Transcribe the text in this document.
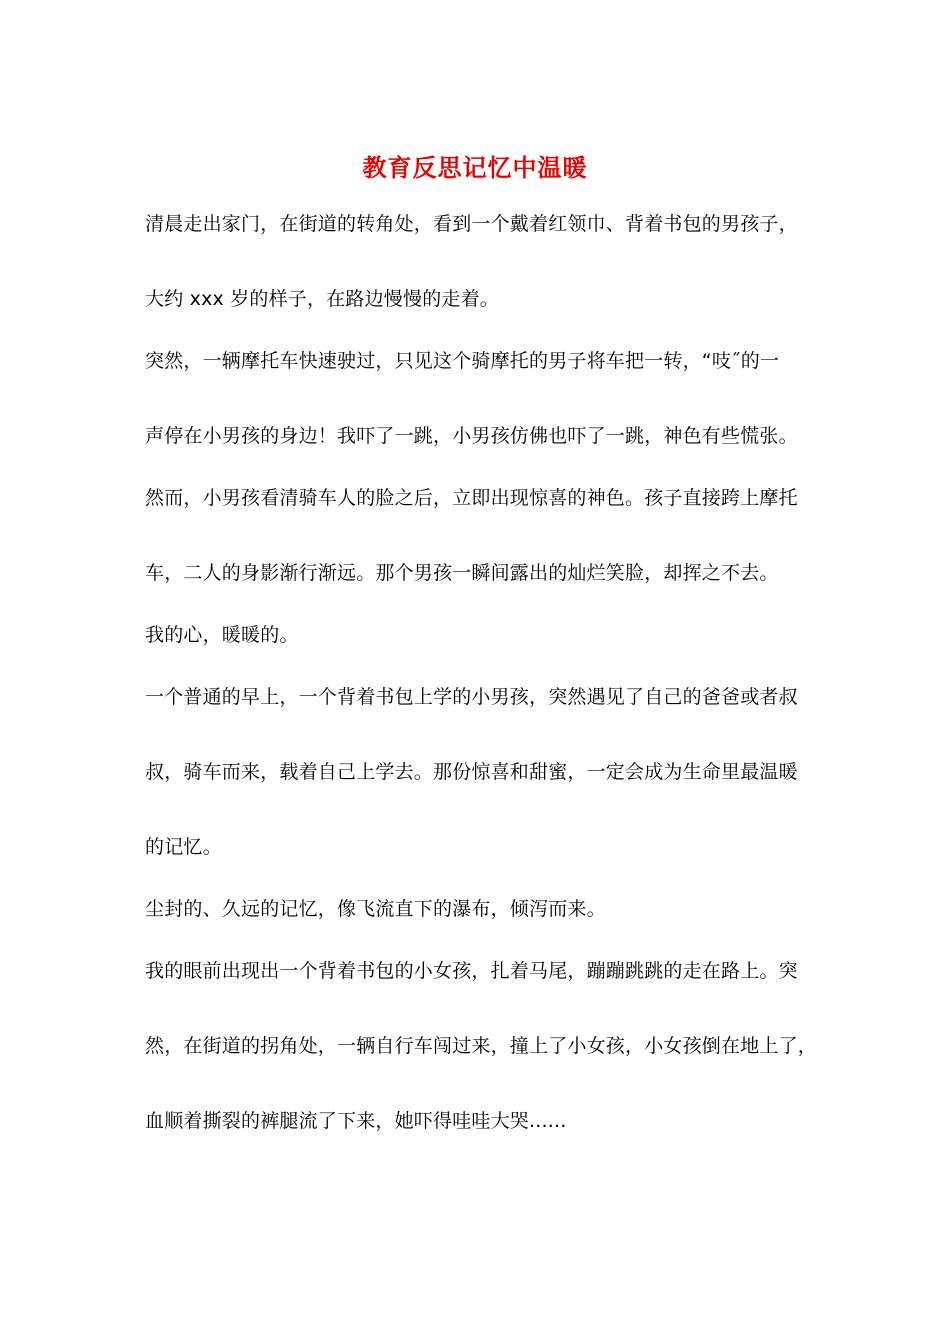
教育反思记忆中温暖
清晨走出家门，在街道的转角处，看到一个戴着红领巾、背着书包的男孩子，
大约 xxx 岁的样子，在路边慢慢的走着。
突然，一辆摩托车快速驶过，只见这个骑摩托的男子将车把一转，“吱˝的一
声停在小男孩的身边！我吓了一跳，小男孩仿佛也吓了一跳，神色有些慌张。
然而，小男孩看清骑车人的脸之后，立即出现惊喜的神色。孩子直接跨上摩托
车，二人的身影渐行渐远。那个男孩一瞬间露出的灿烂笑脸，却挥之不去。
我的心，暖暖的。
一个普通的早上，一个背着书包上学的小男孩，突然遇见了自己的爸爸或者叔
叔，骑车而来，载着自己上学去。那份惊喜和甜蜜，一定会成为生命里最温暖
的记忆。
尘封的、久远的记忆，像飞流直下的瀑布，倾泻而来。
我的眼前出现出一个背着书包的小女孩，扎着马尾，蹦蹦跳跳的走在路上。突
然，在街道的拐角处，一辆自行车闯过来，撞上了小女孩，小女孩倒在地上了，
血顺着撕裂的裤腿流了下来，她吓得哇哇大哭......
